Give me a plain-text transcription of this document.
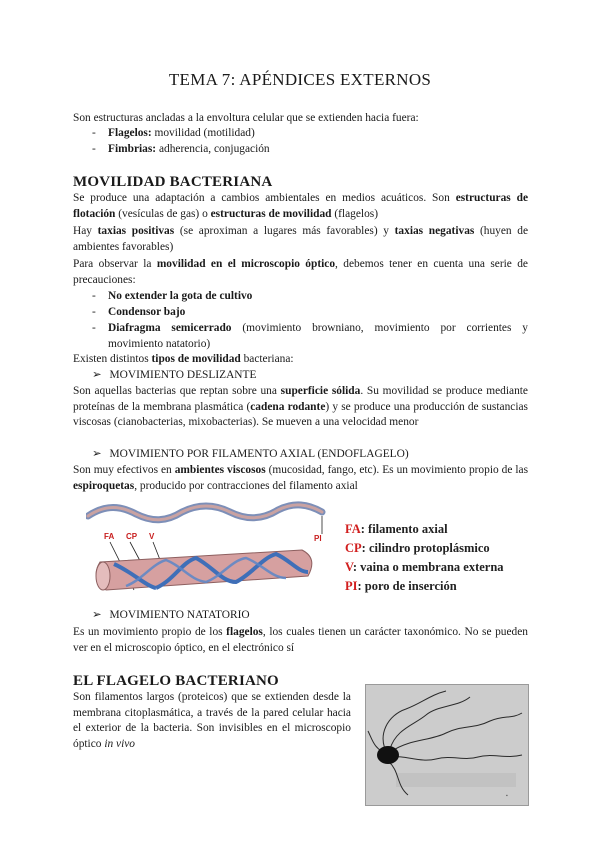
TEMA 7: APÉNDICES EXTERNOS

Son estructuras ancladas a la envoltura celular que se extienden hacia fuera:

- Flagelos: movilidad (motilidad)

- Fimbrias: adherencia, conjugación

MOVILIDAD BACTERIANA

Se produce una adaptación a cambios ambientales en medios acuáticos. Son estructuras de flotación (vesículas de gas) o estructuras de movilidad (flagelos)

Hay taxias positivas (se aproximan a lugares más favorables) y taxias negativas (huyen de ambientes favorables)

Para observar la movilidad en el microscopio óptico, debemos tener en cuenta una serie de precauciones:

- No extender la gota de cultivo

- Condensor bajo

- Diafragma semicerrado (movimiento browniano, movimiento por corrientes y movimiento natatorio)

Existen distintos tipos de movilidad bacteriana:

➢ MOVIMIENTO DESLIZANTE

Son aquellas bacterias que reptan sobre una superficie sólida. Su movilidad se produce mediante proteínas de la membrana plasmática (cadena rodante) y se produce una producción de sustancias viscosas (cianobacterias, mixobacterias). Se mueven a una velocidad menor

➢ MOVIMIENTO POR FILAMENTO AXIAL (ENDOFLAGELO)

Son muy efectivos en ambientes viscosos (mucosidad, fango, etc). Es un movimiento propio de las espiroquetas, producido por contracciones del filamento axial

FA CP V	PI
FA: filamento axial
CP: cilindro protoplásmico
V: vaina o membrana externa
PI: poro de inserción

➢ MOVIMIENTO NATATORIO

Es un movimiento propio de los flagelos, los cuales tienen un carácter taxonómico. No se pueden ver en el microscopio óptico, en el electrónico sí

EL FLAGELO BACTERIANO

Son filamentos largos (proteicos) que se extienden desde la membrana citoplasmática, a través de la pared celular hacia el exterior de la bacteria. Son invisibles en el microscopio óptico in vivo

▪
